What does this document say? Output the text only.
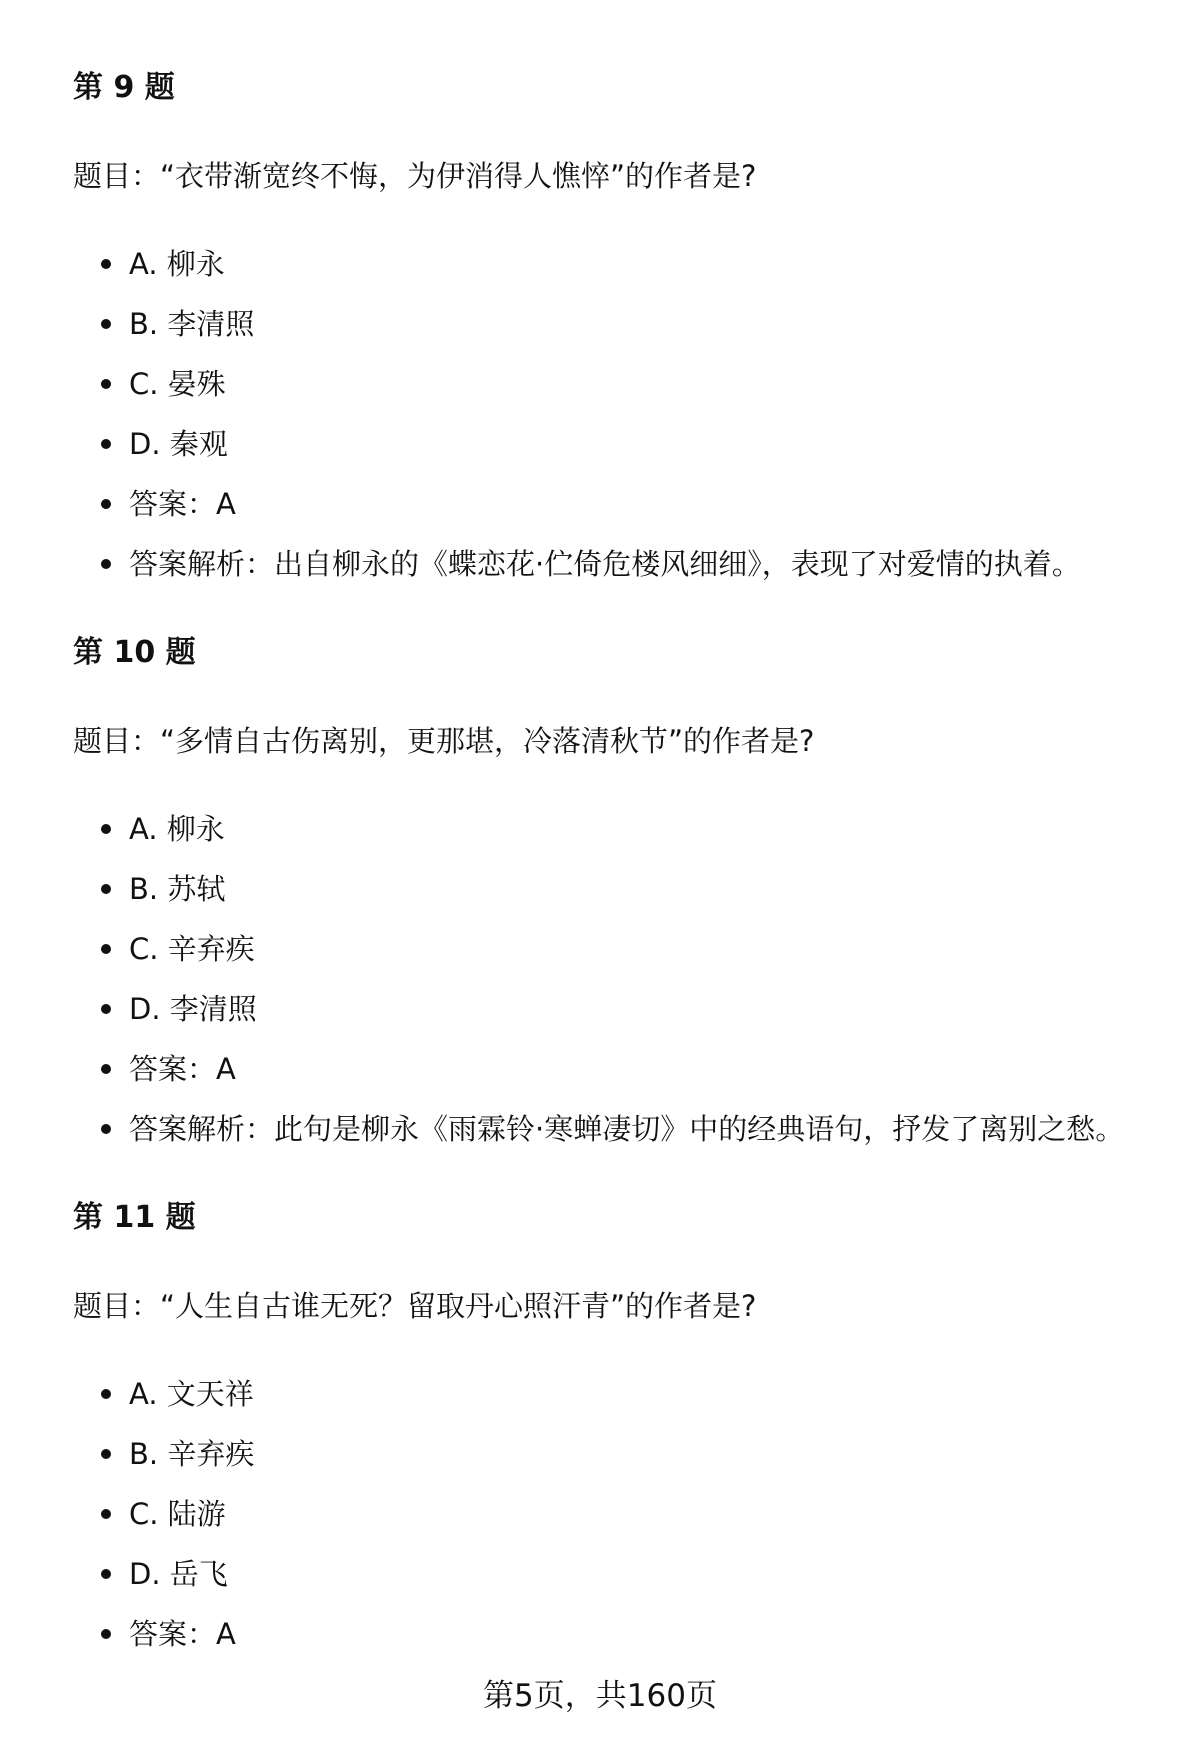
第 9 题

题目：“衣带渐宽终不悔，为伊消得人憔悴”的作者是?

A. 柳永
B. 李清照
C. 晏殊
D. 秦观
答案：A
答案解析：出自柳永的《蝶恋花·伫倚危楼风细细》，表现了对爱情的执着。
第 10 题

题目：“多情自古伤离别，更那堪，冷落清秋节”的作者是?

A. 柳永
B. 苏轼
C. 辛弃疾
D. 李清照
答案：A
答案解析：此句是柳永《雨霖铃·寒蝉凄切》中的经典语句，抒发了离别之愁。
第 11 题

题目：“人生自古谁无死？留取丹心照汗青”的作者是?

A. 文天祥
B. 辛弃疾
C. 陆游
D. 岳飞
答案：A
第5页，共160页
